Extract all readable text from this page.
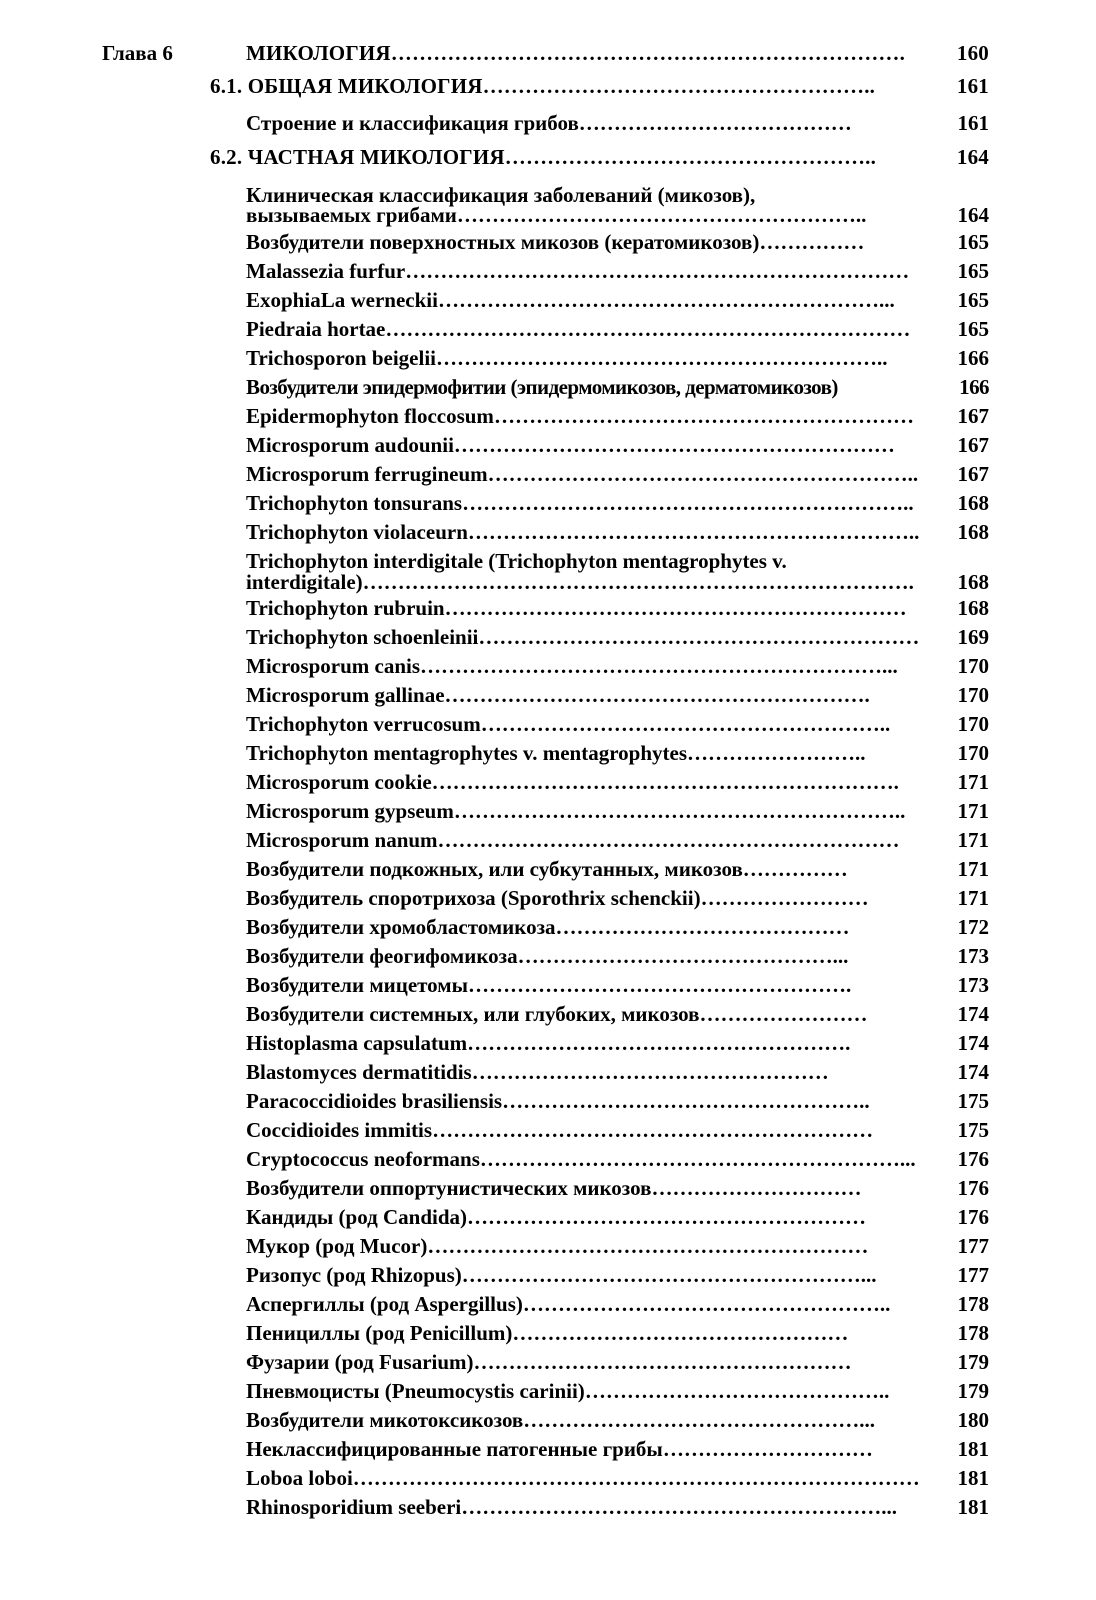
Глава 6	МИКОЛОГИЯ………………………………………………………………. 160
6.1. ОБЩАЯ МИКОЛОГИЯ………………………………………………..	161
Строение и классификация грибов…………………………………	161
6.2. ЧАСТНАЯ МИКОЛОГИЯ……………………………………………..	164
Клиническая классификация заболеваний (микозов),
вызываемых грибами…………………………………………………..	164
Возбудители поверхностных микозов (кератомикозов)……………	165
Malassezia furfur……………………………………………………………… 165
ExophiaLa werneckii………………………………………………………...	165
Piedraia hortae………………………………………………………………… 165
Trichosporon beigelii………………………………………………………..	166
Возбудители эпидермофитии (эпидермомикозов, дерматомикозов)	166
Epidermophyton floccosum…………………………………………………… 167
Microsporum audounii………………………………………………………	167
Microsporum ferrugineum…………………………………………………….. 167
Trichophyton tonsurans……………………………………………………….. 168
Trichophyton violaceurn……………………………………………………….. 168
Trichophyton interdigitale (Trichophyton mentagrophytes v.
interdigitale)……………………………………………………………………. 168
Trichophyton rubruin………………………………………………………… 168
Trichophyton schoenleinii……………………………………………………… 169
Microsporum canis…………………………………………………………...	170
Microsporum gallinae…………………………………………………….	170
Trichophyton verrucosum…………………………………………………..	170
Trichophyton mentagrophytes v. mentagrophytes……………………..	170
Microsporum cookie………………………………………………………….	171
Microsporum gypseum……………………………………………………….. 171
Microsporum nanum…………………………………………………………	171
Возбудители подкожных, или субкутанных, микозов……………	171
Возбудитель споротрихоза (Sporothrix schenckii)……………………	171
Возбудители хромобластомикоза……………………………………	172
Возбудители феогифомикоза………………………………………...	173
Возбудители мицетомы……………………………………………….	173
Возбудители системных, или глубоких, микозов……………………	174
Histoplasma capsulatum……………………………………………….	174
Blastomyces dermatitidis……………………………………………	174
Paracoccidioides brasiliensis……………………………………………..	175
Coccidioides immitis………………………………………………………	175
Cryptococcus neoformans……………………………………………………... 176
Возбудители оппортунистических микозов…………………………	176
Кандиды (род Candida)…………………………………………………	176
Мукор (род Mucor)………………………………………………………	177
Ризопус (род Rhizopus)…………………………………………………...	177
Аспергиллы (род Aspergillus)……………………………………………..	178
Пенициллы (род Penicillum)…………………………………………	178
Фузарии (род Fusarium)………………………………………………	179
Пневмоцисты (Pneumocystis carinii)……………………………………..	179
Возбудители микотоксикозов…………………………………………...	180
Неклассифицированные патогенные грибы…………………………	181
Loboa loboi……………………………………………………………………… 181
Rhinosporidium seeberi……………………………………………………...	181
